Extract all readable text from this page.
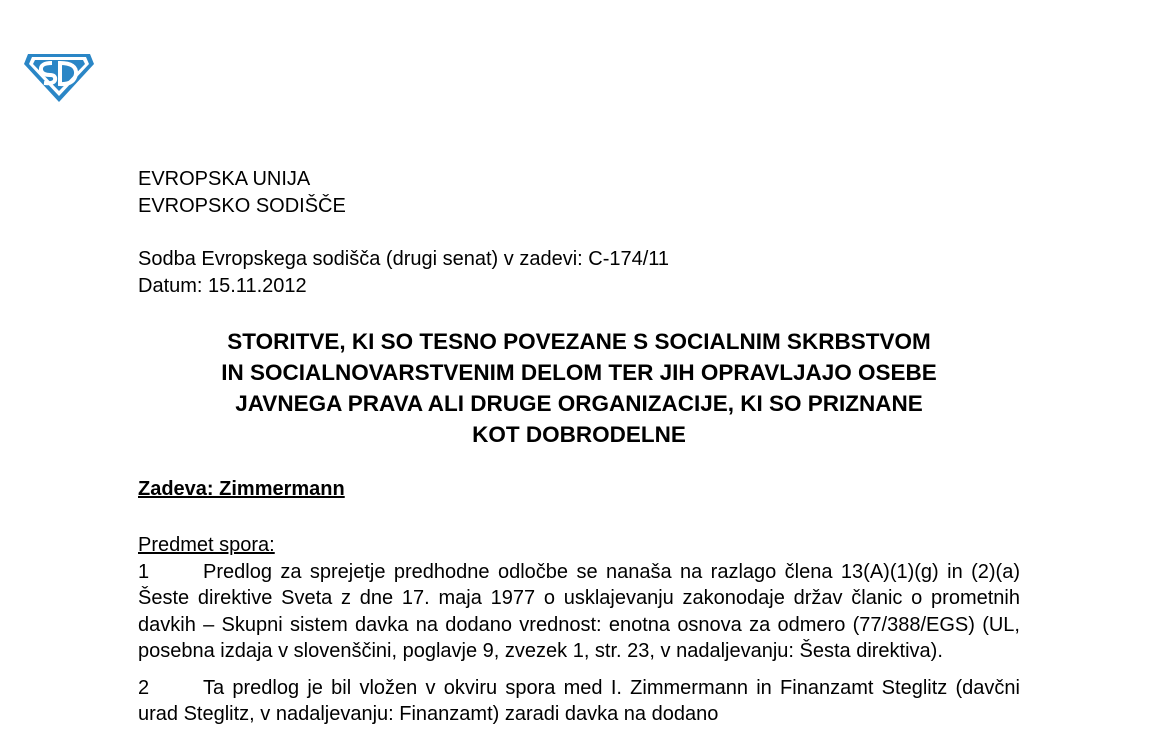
EVROPSKA UNIJA
EVROPSKO SODIŠČE
Sodba Evropskega sodišča (drugi senat) v zadevi: C-174/11
Datum: 15.11.2012
STORITVE, KI SO TESNO POVEZANE S SOCIALNIM SKRBSTVOM
IN SOCIALNOVARSTVENIM DELOM TER JIH OPRAVLJAJO OSEBE
JAVNEGA PRAVA ALI DRUGE ORGANIZACIJE, KI SO PRIZNANE
KOT DOBRODELNE
Zadeva: Zimmermann
Predmet spora:
1	Predlog za sprejetje predhodne odločbe se nanaša na razlago člena 13(A)(1)(g) in (2)(a) Šeste direktive Sveta z dne 17. maja 1977 o usklajevanju zakonodaje držav članic o prometnih davkih – Skupni sistem davka na dodano vrednost: enotna osnova za odmero (77/388/EGS) (UL, posebna izdaja v slovenščini, poglavje 9, zvezek 1, str. 23, v nadaljevanju: Šesta direktiva).
2	Ta predlog je bil vložen v okviru spora med I. Zimmermann in Finanzamt Steglitz (davčni urad Steglitz, v nadaljevanju: Finanzamt) zaradi davka na dodano
